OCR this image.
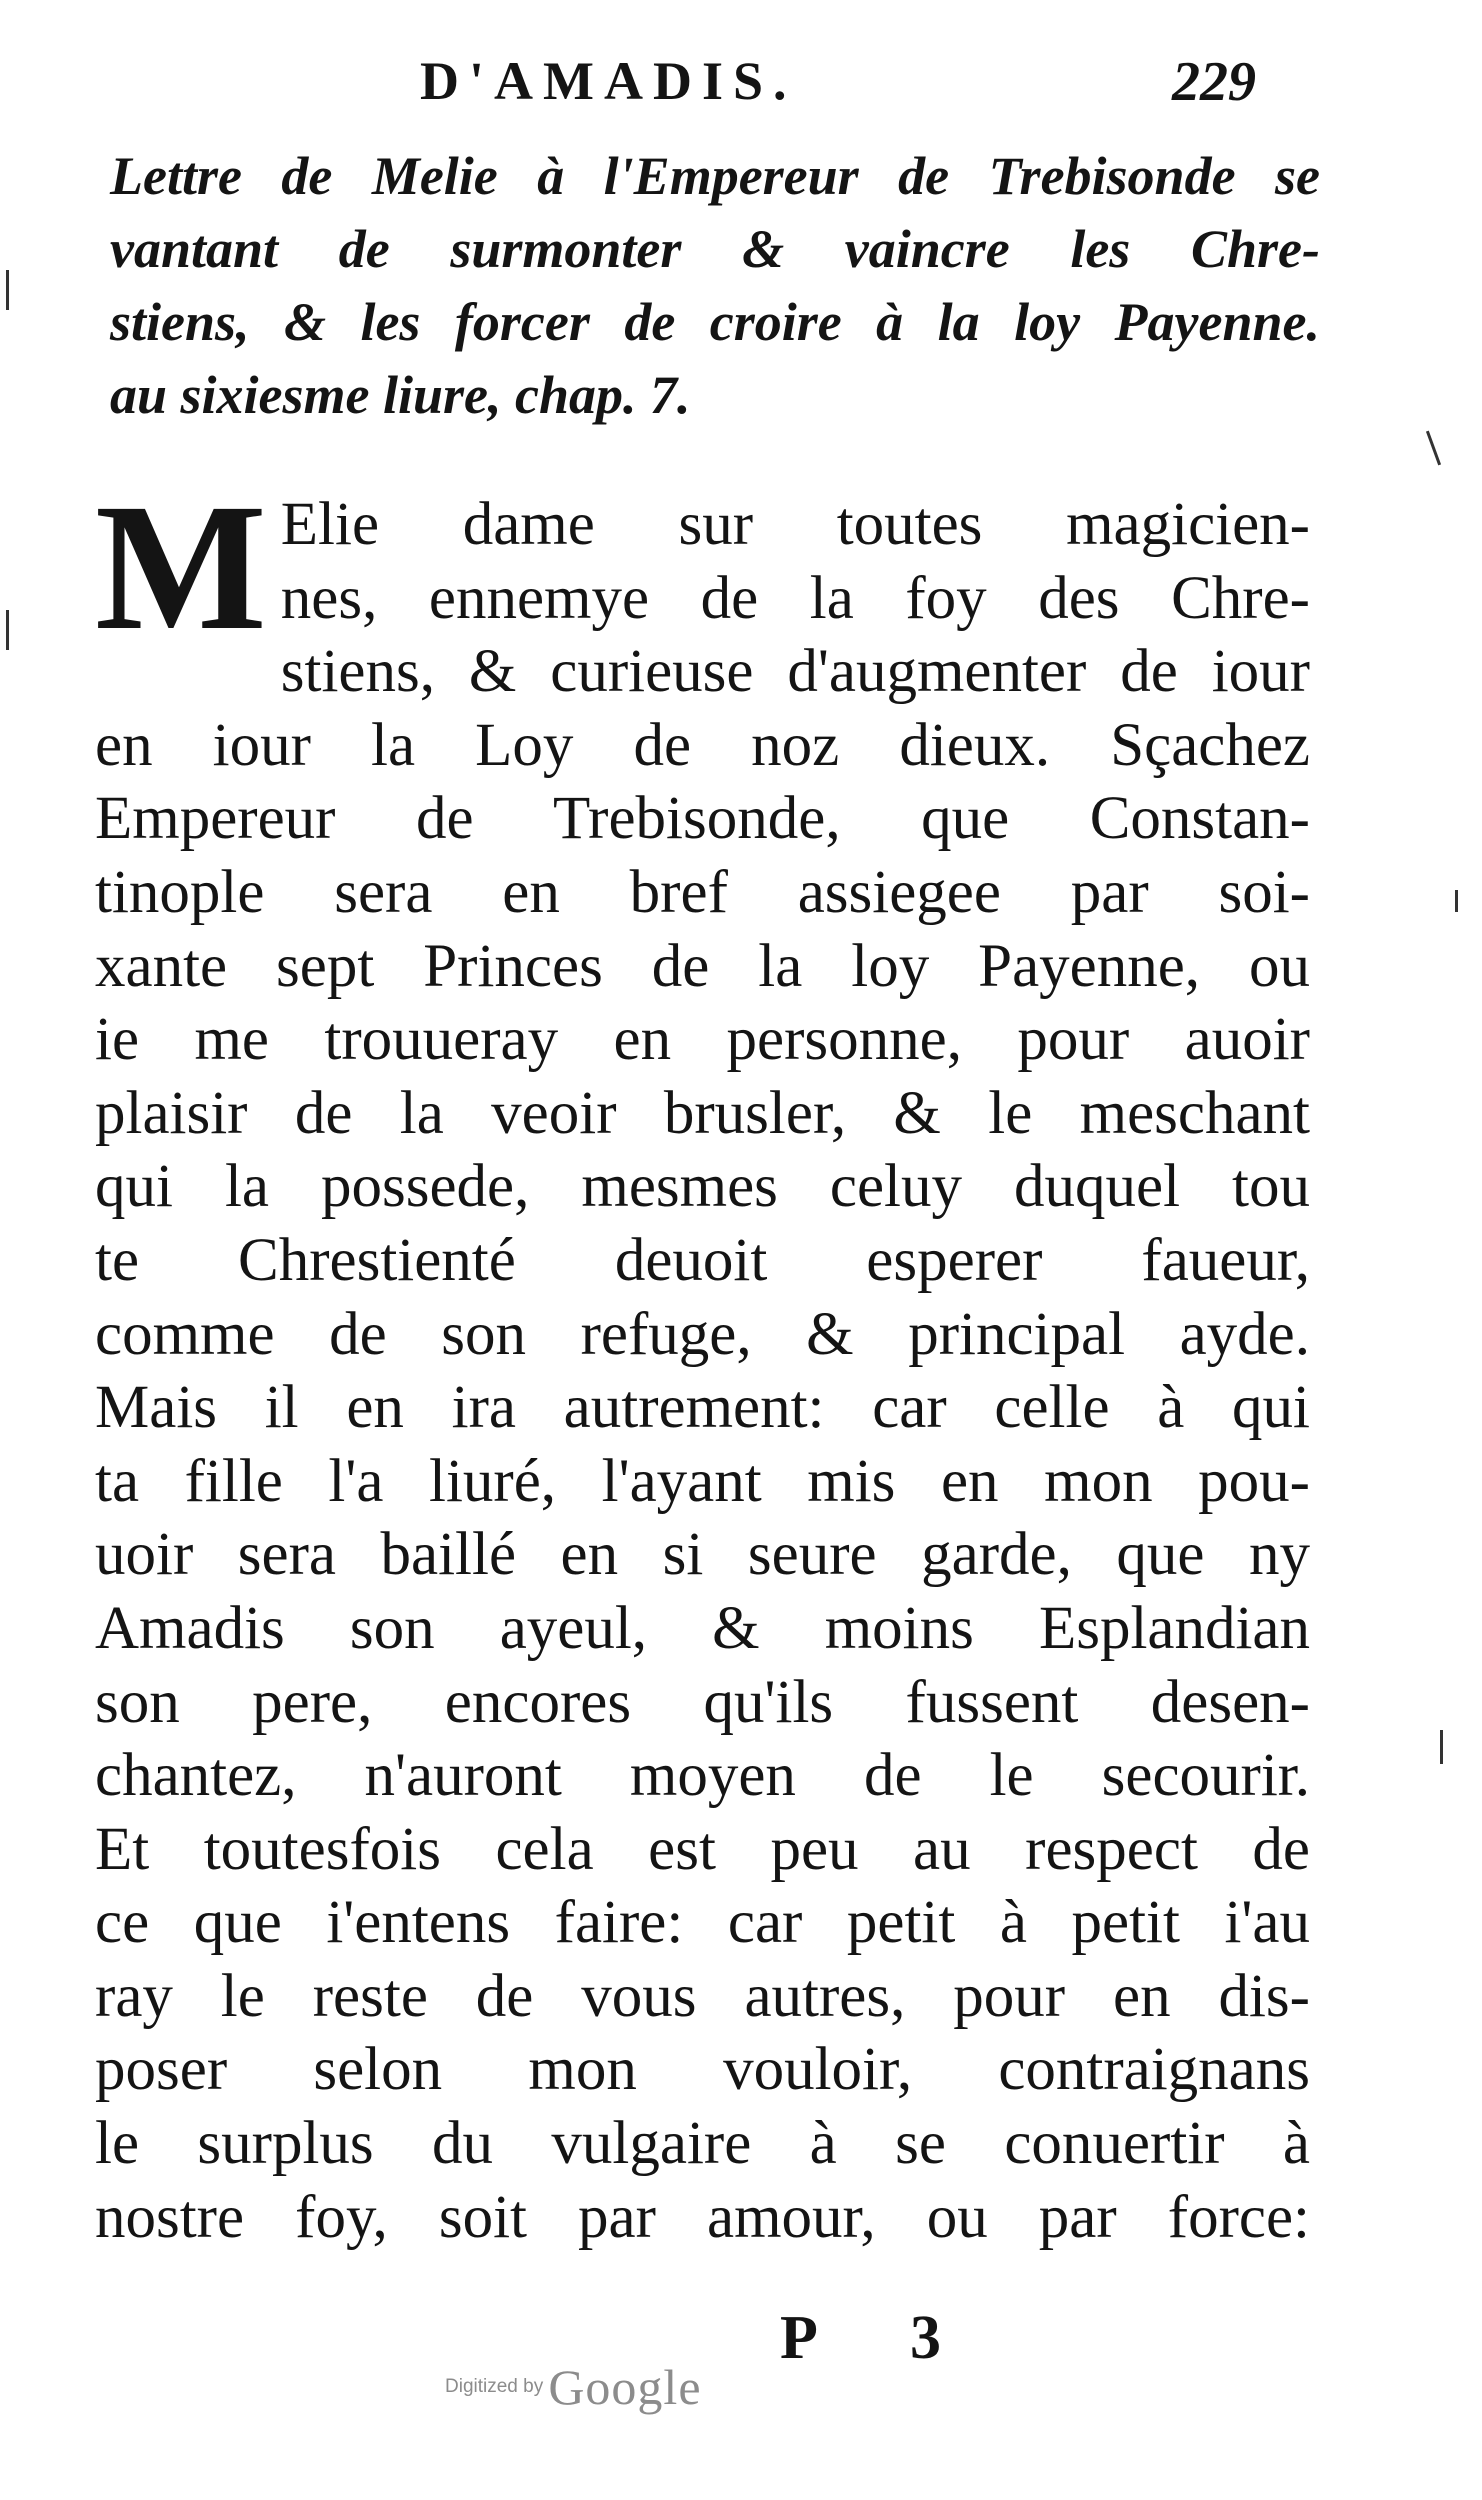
D'AMADIS.	229
Lettre de Melie à l'Empereur de Trebisonde se
vantant de surmonter & vaincre les Chre-
stiens, & les forcer de croire à la loy Payenne.
au sixiesme liure, chap. 7.
M Elie dame sur toutes magicien-
nes, ennemye de la foy des Chre-
stiens, & curieuse d'augmenter de iour
en iour la Loy de noz dieux. Sçachez
Empereur de Trebisonde, que Constan-
tinople sera en bref assiegee par soi-
xante sept Princes de la loy Payenne, ou
ie me trouueray en personne, pour auoir
plaisir de la veoir brusler, & le meschant
qui la possede, mesmes celuy duquel tou
te Chrestienté deuoit esperer faueur,
comme de son refuge, & principal ayde.
Mais il en ira autrement: car celle à qui
ta fille l'a liuré, l'ayant mis en mon pou-
uoir sera baillé en si seure garde, que ny
Amadis son ayeul, & moins Esplandian
son pere, encores qu'ils fussent desen-
chantez, n'auront moyen de le secourir.
Et toutesfois cela est peu au respect de
ce que i'entens faire: car petit à petit i'au
ray le reste de vous autres, pour en dis-
poser selon mon vouloir, contraignans
le surplus du vulgaire à se conuertir à
nostre foy, soit par amour, ou par force:
P 3
Digitized by Google
